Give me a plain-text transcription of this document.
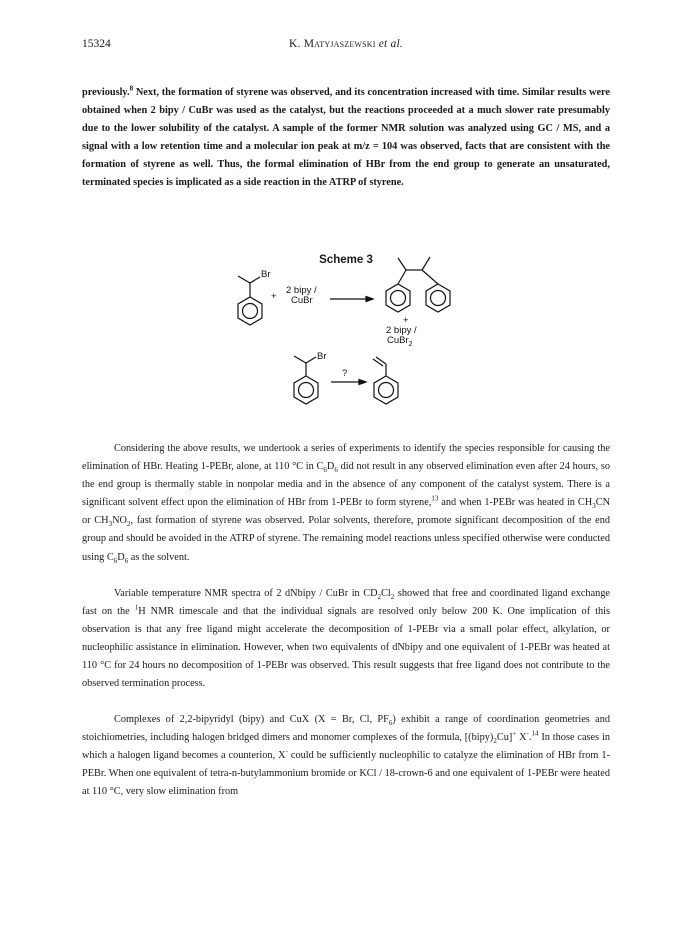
15324	K. Matyjaszewski et al.
previously.$^8$ Next, the formation of styrene was observed, and its concentration increased with time. Similar results were obtained when 2 bipy / CuBr was used as the catalyst, but the reactions proceeded at a much slower rate presumably due to the lower solubility of the catalyst. A sample of the former NMR solution was analyzed using GC / MS, and a signal with a low retention time and a molecular ion peak at m/z = 104 was observed, facts that are consistent with the formation of styrene as well. Thus, the formal elimination of HBr from the end group to generate an unsaturated, terminated species is implicated as a side reaction in the ATRP of styrene.
Scheme 3
Br
+
2 bipy /
CuBr
+
2 bipy /
CuBr$_2$
Br
?
Considering the above results, we undertook a series of experiments to identify the species responsible for causing the elimination of HBr. Heating 1-PEBr, alone, at 110 °C in $C_6D_6$ did not result in any observed elimination even after 24 hours, so the end group is thermally stable in nonpolar media and in the absence of any component of the catalyst system. There is a significant solvent effect upon the elimination of HBr from 1-PEBr to form styrene,$^{13}$ and when 1-PEBr was heated in $CH_3CN$ or $CH_3NO_2$, fast formation of styrene was observed. Polar solvents, therefore, promote significant decomposition of the end group and should be avoided in the ATRP of styrene. The remaining model reactions unless specified otherwise were conducted using $C_6D_6$ as the solvent.
Variable temperature NMR spectra of 2 dNbipy / CuBr in $CD_2Cl_2$ showed that free and coordinated ligand exchange fast on the $^1$H NMR timescale and that the individual signals are resolved only below 200 K. One implication of this observation is that any free ligand might accelerate the decomposition of 1-PEBr via a small polar effect, alkylation, or nucleophilic assistance in elimination. However, when two equivalents of dNbipy and one equivalent of 1-PEBr was heated at 110 °C for 24 hours no decomposition of 1-PEBr was observed. This result suggests that free ligand does not contribute to the observed termination process.
Complexes of 2,2-bipyridyl (bipy) and CuX (X = Br, Cl, $PF_6$) exhibit a range of coordination geometries and stoichiometries, including halogen bridged dimers and monomer complexes of the formula, $[(bipy)_2Cu]^+$ X-.$^{14}$ In those cases in which a halogen ligand becomes a counterion, X- could be sufficiently nucleophilic to catalyze the elimination of HBr from 1-PEBr. When one equivalent of tetra-n-butylammonium bromide or KCl / 18-crown-6 and one equivalent of 1-PEBr were heated at 110 °C, very slow elimination from
